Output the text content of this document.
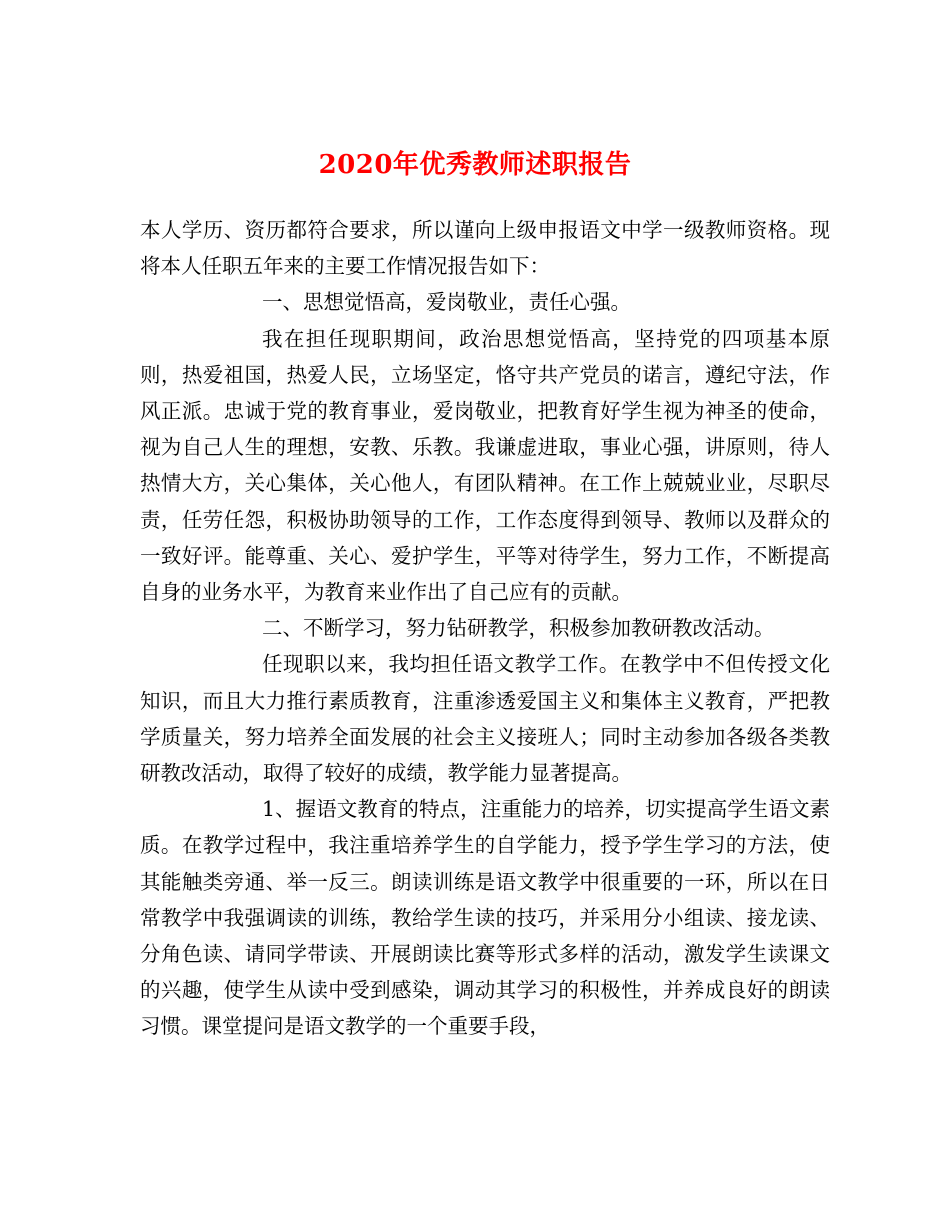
2020年优秀教师述职报告

本人学历、资历都符合要求，所以谨向上级申报语文中学一级教师资格。现将本人任职五年来的主要工作情况报告如下：

一、思想觉悟高，爱岗敬业，责任心强。

我在担任现职期间，政治思想觉悟高，坚持党的四项基本原则，热爱祖国，热爱人民，立场坚定，恪守共产党员的诺言，遵纪守法，作风正派。忠诚于党的教育事业，爱岗敬业，把教育好学生视为神圣的使命，视为自己人生的理想，安教、乐教。我谦虚进取，事业心强，讲原则，待人热情大方，关心集体，关心他人，有团队精神。在工作上兢兢业业，尽职尽责，任劳任怨，积极协助领导的工作，工作态度得到领导、教师以及群众的一致好评。能尊重、关心、爱护学生，平等对待学生，努力工作，不断提高自身的业务水平，为教育来业作出了自己应有的贡献。

二、不断学习，努力钻研教学，积极参加教研教改活动。

任现职以来，我均担任语文教学工作。在教学中不但传授文化知识，而且大力推行素质教育，注重渗透爱国主义和集体主义教育，严把教学质量关，努力培养全面发展的社会主义接班人；同时主动参加各级各类教研教改活动，取得了较好的成绩，教学能力显著提高。

1、握语文教育的特点，注重能力的培养，切实提高学生语文素质。在教学过程中，我注重培养学生的自学能力，授予学生学习的方法，使其能触类旁通、举一反三。朗读训练是语文教学中很重要的一环，所以在日常教学中我强调读的训练，教给学生读的技巧，并采用分小组读、接龙读、分角色读、请同学带读、开展朗读比赛等形式多样的活动，激发学生读课文的兴趣，使学生从读中受到感染，调动其学习的积极性，并养成良好的朗读习惯。课堂提问是语文教学的一个重要手段，
